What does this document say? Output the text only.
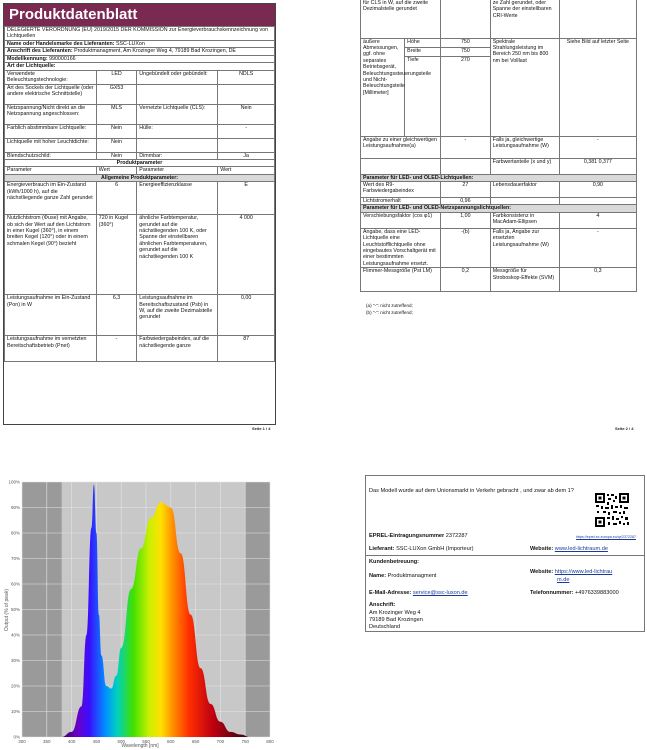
Produktdatenblatt
DELEGIERTE VERORDNUNG (EU) 2019/2015 DER KOMMISSION zur Energieverbrauchskennzeichnung von Lichtquellen			
Name oder Handelsmarke des Lieferanten: SSC-LUXon			
Anschrift des Lieferanten: Produktmanagment, Am Krozinger Weg 4, 79189 Bad Krozingen, DE			
Modellkennung: 990000166			
Art der Lichtquelle:			
Verwendete Beleuchtungstechnologie:	LED	Ungebündelt oder gebündelt:	NDLS
Art des Sockels der Lichtquelle (oder andere elektrische Schnittstelle)	GX53		
Netzspannung/Nicht direkt an die Netzspannung angeschlossen:	MLS	Vernetzte Lichtquelle (CLS):	Nein
Farblich abstimmbare Lichtquelle:	Nein	Hülle:	-
Lichtquelle mit hoher Leuchtdichte:	Nein		
Blendschutzschild:	Nein	Dimmbar:	Ja
Produktparameter			
Parameter	Wert	Parameter	Wert
Allgemeine Produktparameter:			
Energieverbrauch im Ein-Zustand (kWh/1000 h), auf die nächstliegende ganze Zahl gerundet	6	Energieeffizienzklasse	E
Nutzlichtstrom (Φuse) mit Angabe, ob sich der Wert auf den Lichtstrom in einer Kugel (360°), in einem breiten Kegel (120°) oder in einem schmalen Kegel (90°) bezieht	720 in Kugel (360°)	ähnliche Farbtemperatur, gerundet auf die nächstliegenden 100 K, oder Spanne der einstellbaren ähnlichen Farbtemperaturen, gerundet auf die nächstliegenden 100 K	4 000
Leistungsaufnahme im Ein-Zustand (Pon) in W	6,3	Leistungsaufnahme im Bereitschaftszustand (Psb) in W, auf die zweite Dezimalstelle gerundet	0,00
Leistungsaufnahme im vernetzten Bereitschaftsbetrieb (Pnet)	-	Farbwiedergabeindex, auf die nächstliegende ganze	87
Seite 1 / 4
für CLS in W, auf die zweite Dezimalstelle gerundet			ze Zahl gerundet, oder Spanne der einstellbaren CRI-Werte	
äußere Abmessungen, ggf. ohne separates Betriebsgerät, Beleuchtungssteuerungsteile und Nicht-Beleuchtungsteile [Millimeter]	Höhe	750	Spektrale Strahlungsleistung im Bereich 250 nm bis 800 nm bei Volllast	Siehe Bild auf letzter Seite
	Breite	750		
	Tiefe	270		
Angabe zu einer gleichwertigen Leistungsaufnahme(a)		-	Falls ja, gleichwertige Leistungsaufnahme (W)	-
			Farbwertanteile (x und y)	0,381 0,377
Parameter für LED- und OLED-Lichtquellen:				
Wert des R9-Farbwiedergabeindex		27	Lebensdauerfaktor	0,90
Lichtstromerhalt		0,96		
Parameter für LED- und OLED-Netzspannungslichtquellen:				
Verschiebungsfaktor (cos φ1)		1,00	Farbkonsistenz in MacAdam-Ellipsen	4
Angabe, dass eine LED-Lichtquelle eine Leuchtstofflichtquelle ohne eingebautes Vorschaltgerät mit einer bestimmten Leistungsaufnahme ersetzt.		-(b)	Falls ja, Angabe zur ersetzten Leistungsaufnahme (W)	-
Flimmer-Messgröße (Pst LM)		0,2	Messgröße für Stroboskop-Effekte (SVM)	0,3
(a) "-": nicht zutreffend;
(b) "-": nicht zutreffend;
Seite 2 / 4
0%
10%
20%
30%
40%
50%
60%
70%
80%
90%
100%
300	350	400	450	500	550	600	650	700	750	800
Wavelength [nm]
Output (% of peak)
Das Modell wurde auf dem Unionsmarkt in Verkehr gebracht , und zwar ab dem 1?
EPREL-Eintragungsnummer 2372287	https://eprel.ec.europa.eu/qr/2372287
Lieferant: SSC-LUXon GmbH (Importeur)	Website: www.led-lichtraum.de
Kundenbetreuung:
Name: Produktmanagment
Website: https://www.led-lichtrau
m.de
E-Mail-Adresse: service@ssc-luxon.de	Telefonnummer: +4976339883000
Anschrift:
Am Krozinger Weg 4
79189 Bad Krozingen
Deutschland
